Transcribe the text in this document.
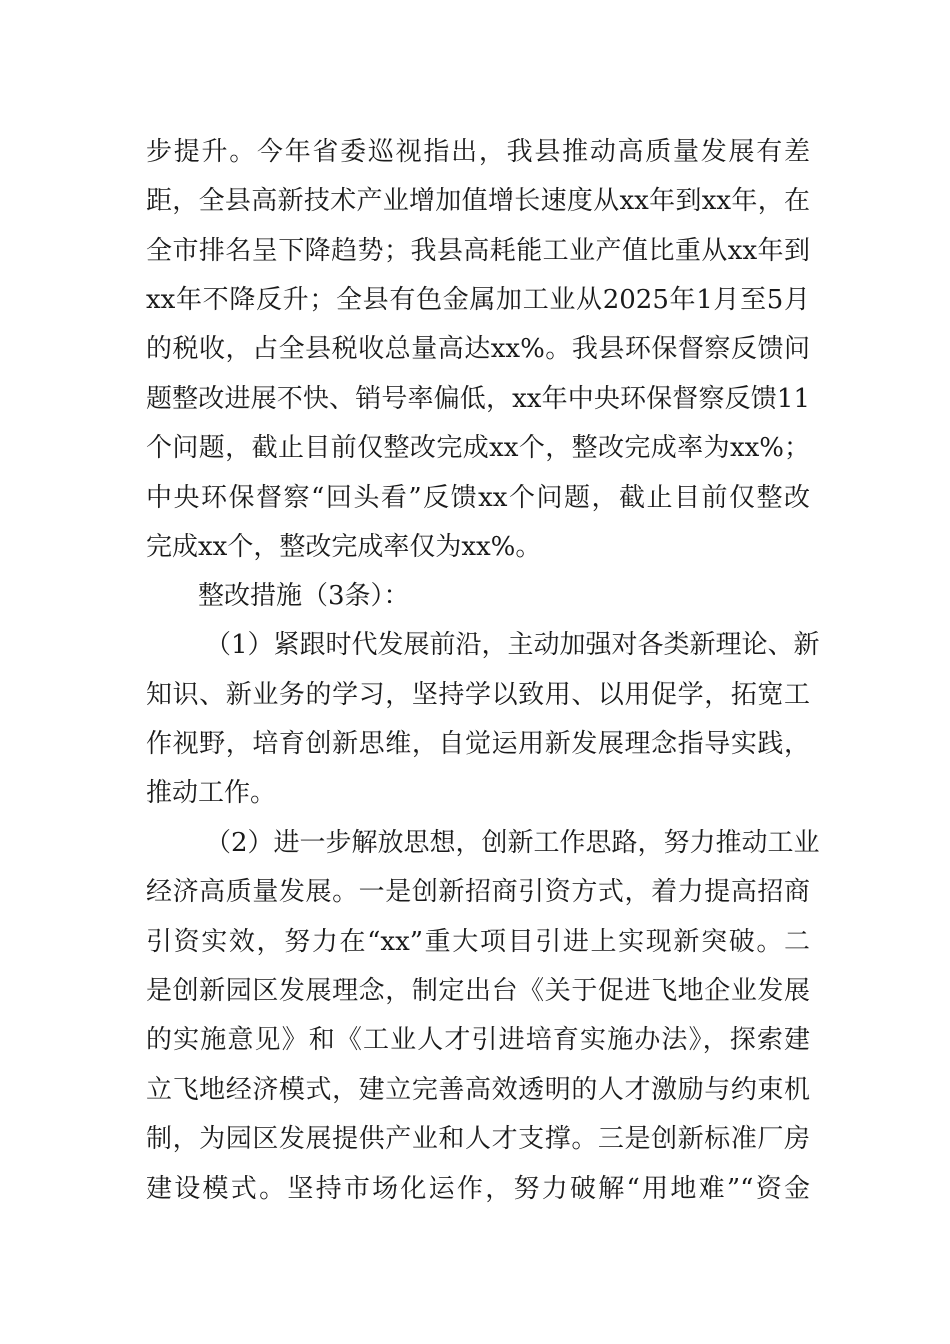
步提升。今年省委巡视指出，我县推动高质量发展有差
距，全县高新技术产业增加值增长速度从xx年到xx年，在
全市排名呈下降趋势；我县高耗能工业产值比重从xx年到
xx年不降反升；全县有色金属加工业从2025年1月至5月
的税收，占全县税收总量高达xx%。我县环保督察反馈问
题整改进展不快、销号率偏低，xx年中央环保督察反馈11
个问题，截止目前仅整改完成xx个，整改完成率为xx%；
中央环保督察“回头看”反馈xx个问题，截止目前仅整改
完成xx个，整改完成率仅为xx%。
整改措施（3条）：
（1）紧跟时代发展前沿，主动加强对各类新理论、新
知识、新业务的学习，坚持学以致用、以用促学，拓宽工
作视野，培育创新思维，自觉运用新发展理念指导实践，
推动工作。
（2）进一步解放思想，创新工作思路，努力推动工业
经济高质量发展。一是创新招商引资方式，着力提高招商
引资实效，努力在“xx”重大项目引进上实现新突破。二
是创新园区发展理念，制定出台《关于促进飞地企业发展
的实施意见》和《工业人才引进培育实施办法》，探索建
立飞地经济模式，建立完善高效透明的人才激励与约束机
制，为园区发展提供产业和人才支撑。三是创新标准厂房
建设模式。坚持市场化运作，努力破解“用地难”“资金
